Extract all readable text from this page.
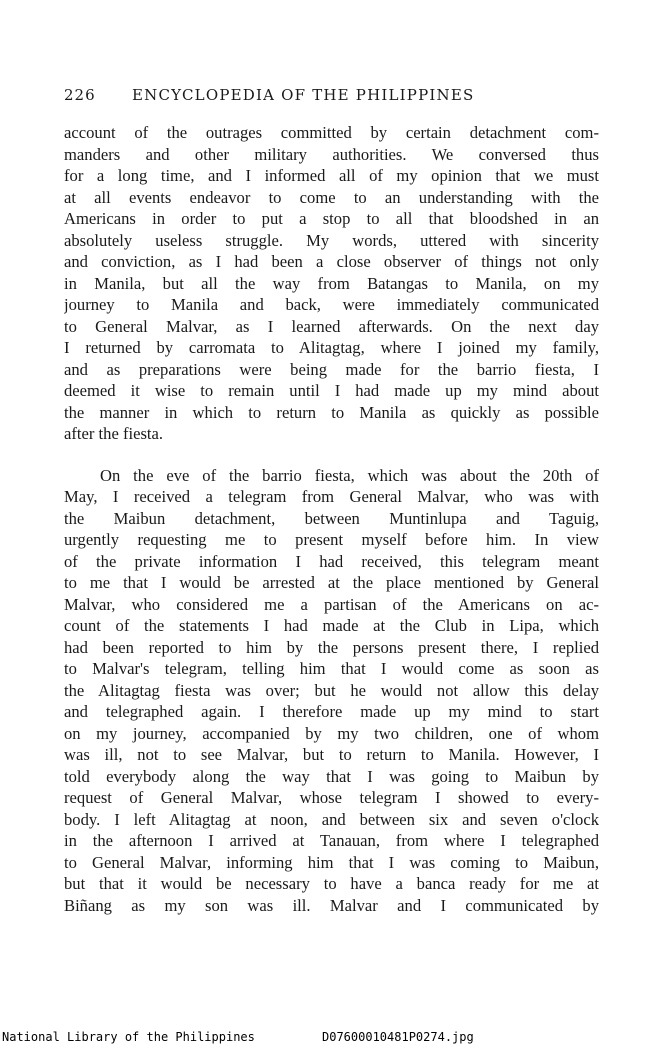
226 ENCYCLOPEDIA OF THE PHILIPPINES
account of the outrages committed by certain detachment com-
manders and other military authorities. We conversed thus
for a long time, and I informed all of my opinion that we must
at all events endeavor to come to an understanding with the
Americans in order to put a stop to all that bloodshed in an
absolutely useless struggle. My words, uttered with sincerity
and conviction, as I had been a close observer of things not only
in Manila, but all the way from Batangas to Manila, on my
journey to Manila and back, were immediately communicated
to General Malvar, as I learned afterwards. On the next day
I returned by carromata to Alitagtag, where I joined my family,
and as preparations were being made for the barrio fiesta, I
deemed it wise to remain until I had made up my mind about
the manner in which to return to Manila as quickly as possible
after the fiesta.
On the eve of the barrio fiesta, which was about the 20th of
May, I received a telegram from General Malvar, who was with
the Maibun detachment, between Muntinlupa and Taguig,
urgently requesting me to present myself before him. In view
of the private information I had received, this telegram meant
to me that I would be arrested at the place mentioned by General
Malvar, who considered me a partisan of the Americans on ac-
count of the statements I had made at the Club in Lipa, which
had been reported to him by the persons present there, I replied
to Malvar's telegram, telling him that I would come as soon as
the Alitagtag fiesta was over; but he would not allow this delay
and telegraphed again. I therefore made up my mind to start
on my journey, accompanied by my two children, one of whom
was ill, not to see Malvar, but to return to Manila. However, I
told everybody along the way that I was going to Maibun by
request of General Malvar, whose telegram I showed to every-
body. I left Alitagtag at noon, and between six and seven o'clock
in the afternoon I arrived at Tanauan, from where I telegraphed
to General Malvar, informing him that I was coming to Maibun,
but that it would be necessary to have a banca ready for me at
Biñang as my son was ill. Malvar and I communicated by
National Library of the Philippines	D07600010481P0274.jpg
